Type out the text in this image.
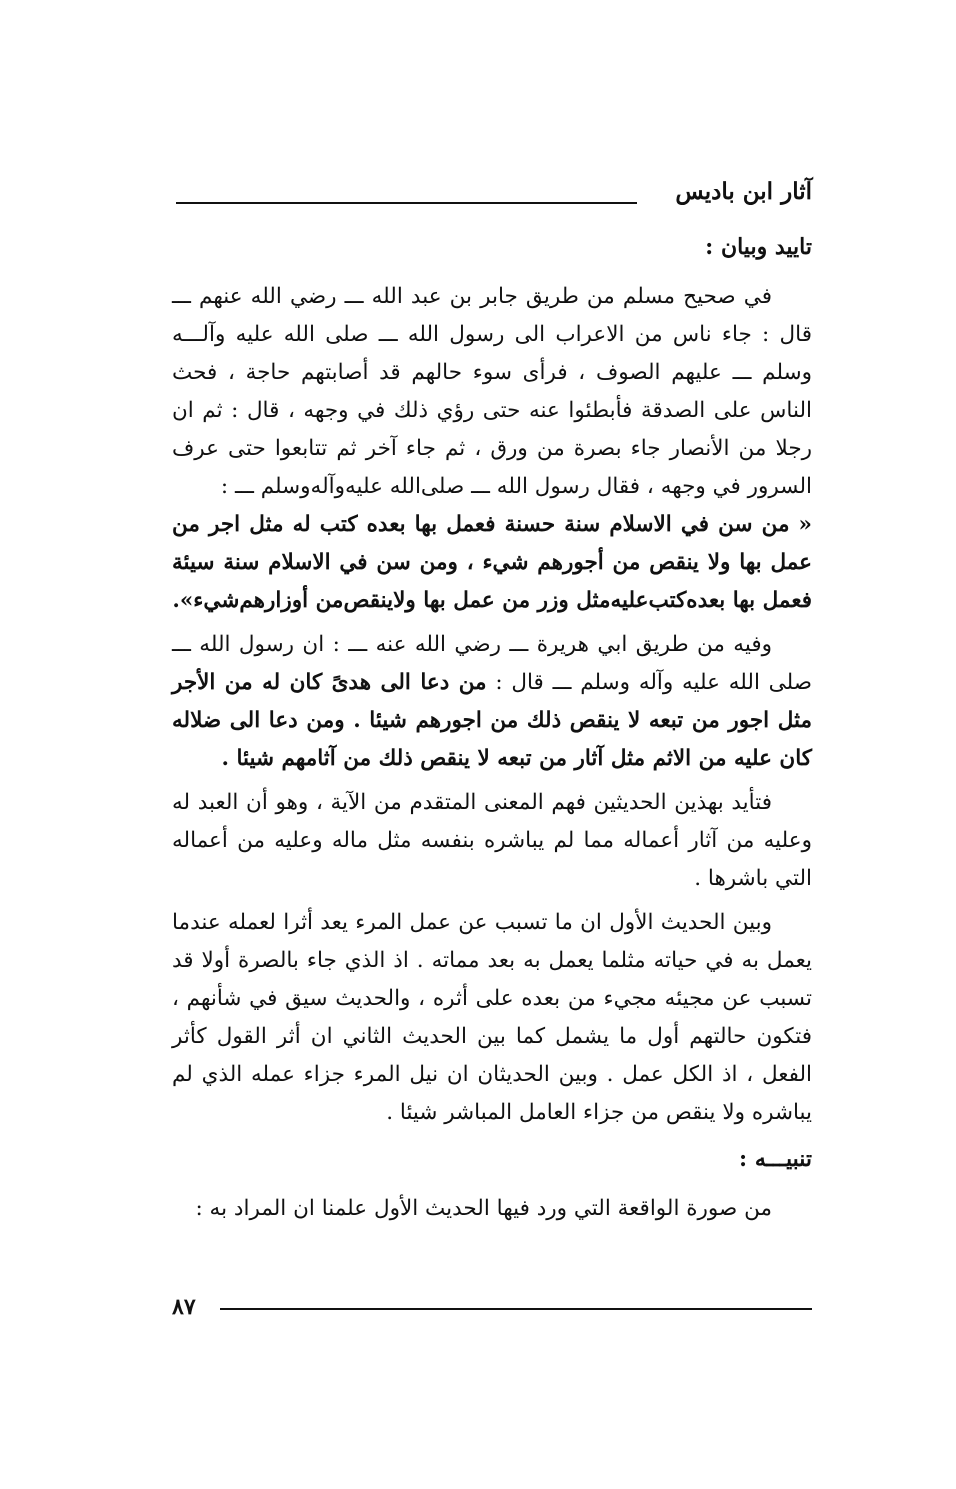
آثار ابن باديس
تاييد وبيان :

في صحيح مسلم من طريق جابر بن عبد الله ـــ رضي الله عنهم ـــ قال : جاء ناس من الاعراب الى رسول الله ـــ صلى الله عليه وآلـــه وسلم ـــ عليهم الصوف ، فرأى سوء حالهم قد أصابتهم حاجة ، فحث الناس على الصدقة فأبطئوا عنه حتى رؤي ذلك في وجهه ، قال : ثم ان رجلا من الأنصار جاء بصرة من ورق ، ثم جاء آخر ثم تتابعوا حتى عرف السرور في وجهه ، فقال رسول الله ـــ صلى‌الله عليه‌وآله‌وسلم ـــ :

« من سن في الاسلام سنة حسنة فعمل بها بعده كتب له مثل اجر من عمل بها ولا ينقص من أجورهم شيء ، ومن سن في الاسلام سنة سيئة فعمل بها بعده‌كتب‌عليه‌مثل وزر من عمل بها ولاينقص‌من أوزارهم‌شيء».

وفيه من طريق ابي هريرة ـــ رضي الله عنه ـــ : ان رسول الله ـــ صلى الله عليه وآله وسلم ـــ قال : من دعا الى هدىً كان له من الأجر مثل اجور من تبعه لا ينقص ذلك من اجورهم شيئا . ومن دعا الى ضلاله كان عليه من الاثم مثل آثار من تبعه لا ينقص ذلك من آثامهم شيئا .

فتأيد بهذين الحديثين فهم المعنى المتقدم من الآية ، وهو أن العبد له وعليه من آثار أعماله مما لم يباشره بنفسه مثل ماله وعليه من أعماله التي باشرها .

وبين الحديث الأول ان ما تسبب عن عمل المرء يعد أثرا لعمله عندما يعمل به في حياته مثلما يعمل به بعد مماته . اذ الذي جاء بالصرة أولا قد تسبب عن مجيئه مجيء من بعده على أثره ، والحديث سيق في شأنهم ، فتكون حالتهم أول ما يشمل كما بين الحديث الثاني ان أثر القول كأثر الفعل ، اذ الكل عمل . وبين الحديثان ان نيل المرء جزاء عمله الذي لم يباشره ولا ينقص من جزاء العامل المباشر شيئا .

تنبيـــه :

من صورة الواقعة التي ورد فيها الحديث الأول علمنا ان المراد به :

٨٧
